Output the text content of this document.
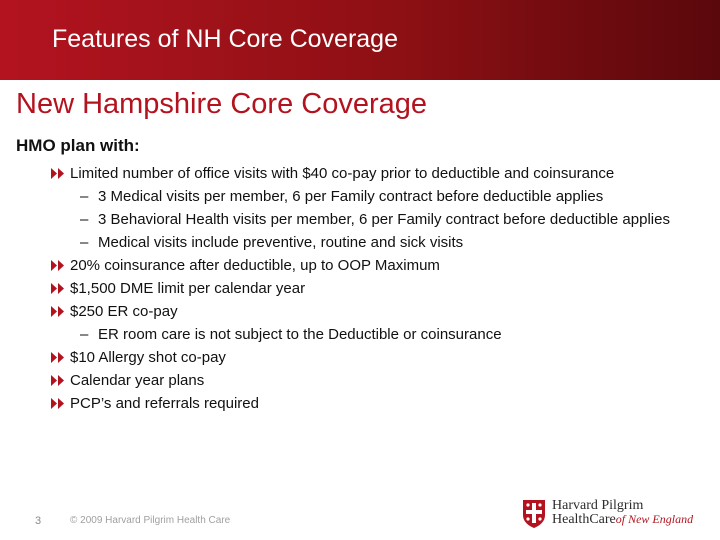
Features of NH Core Coverage
New Hampshire Core Coverage
HMO plan with:
Limited number of office visits with $40 co-pay prior to deductible and coinsurance
– 3 Medical visits per member, 6 per Family contract before deductible applies
– 3 Behavioral Health visits per member, 6 per Family contract before deductible applies
– Medical visits include preventive, routine and sick visits
20% coinsurance after deductible, up to OOP Maximum
$1,500 DME limit per calendar year
$250 ER co-pay
– ER room care is not subject to the Deductible or coinsurance
$10 Allergy shot co-pay
Calendar year plans
PCP’s and referrals required
3	© 2009 Harvard Pilgrim Health Care
Harvard Pilgrim
HealthCareof New England
